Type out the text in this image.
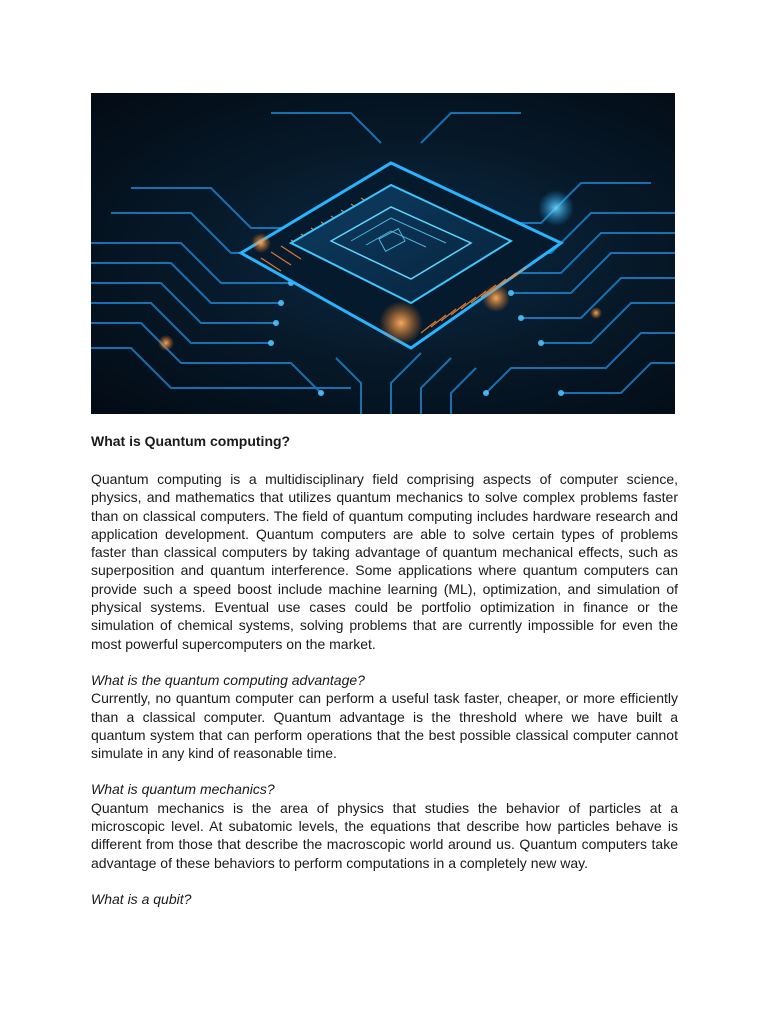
What is Quantum computing?

Quantum computing is a multidisciplinary field comprising aspects of computer science, physics, and mathematics that utilizes quantum mechanics to solve complex problems faster than on classical computers. The field of quantum computing includes hardware research and application development. Quantum computers are able to solve certain types of problems faster than classical computers by taking advantage of quantum mechanical effects, such as superposition and quantum interference. Some applications where quantum computers can provide such a speed boost include machine learning (ML), optimization, and simulation of physical systems. Eventual use cases could be portfolio optimization in finance or the simulation of chemical systems, solving problems that are currently impossible for even the most powerful supercomputers on the market.

What is the quantum computing advantage?

Currently, no quantum computer can perform a useful task faster, cheaper, or more efficiently than a classical computer. Quantum advantage is the threshold where we have built a quantum system that can perform operations that the best possible classical computer cannot simulate in any kind of reasonable time.

What is quantum mechanics?

Quantum mechanics is the area of physics that studies the behavior of particles at a microscopic level. At subatomic levels, the equations that describe how particles behave is different from those that describe the macroscopic world around us. Quantum computers take advantage of these behaviors to perform computations in a completely new way.

What is a qubit?
